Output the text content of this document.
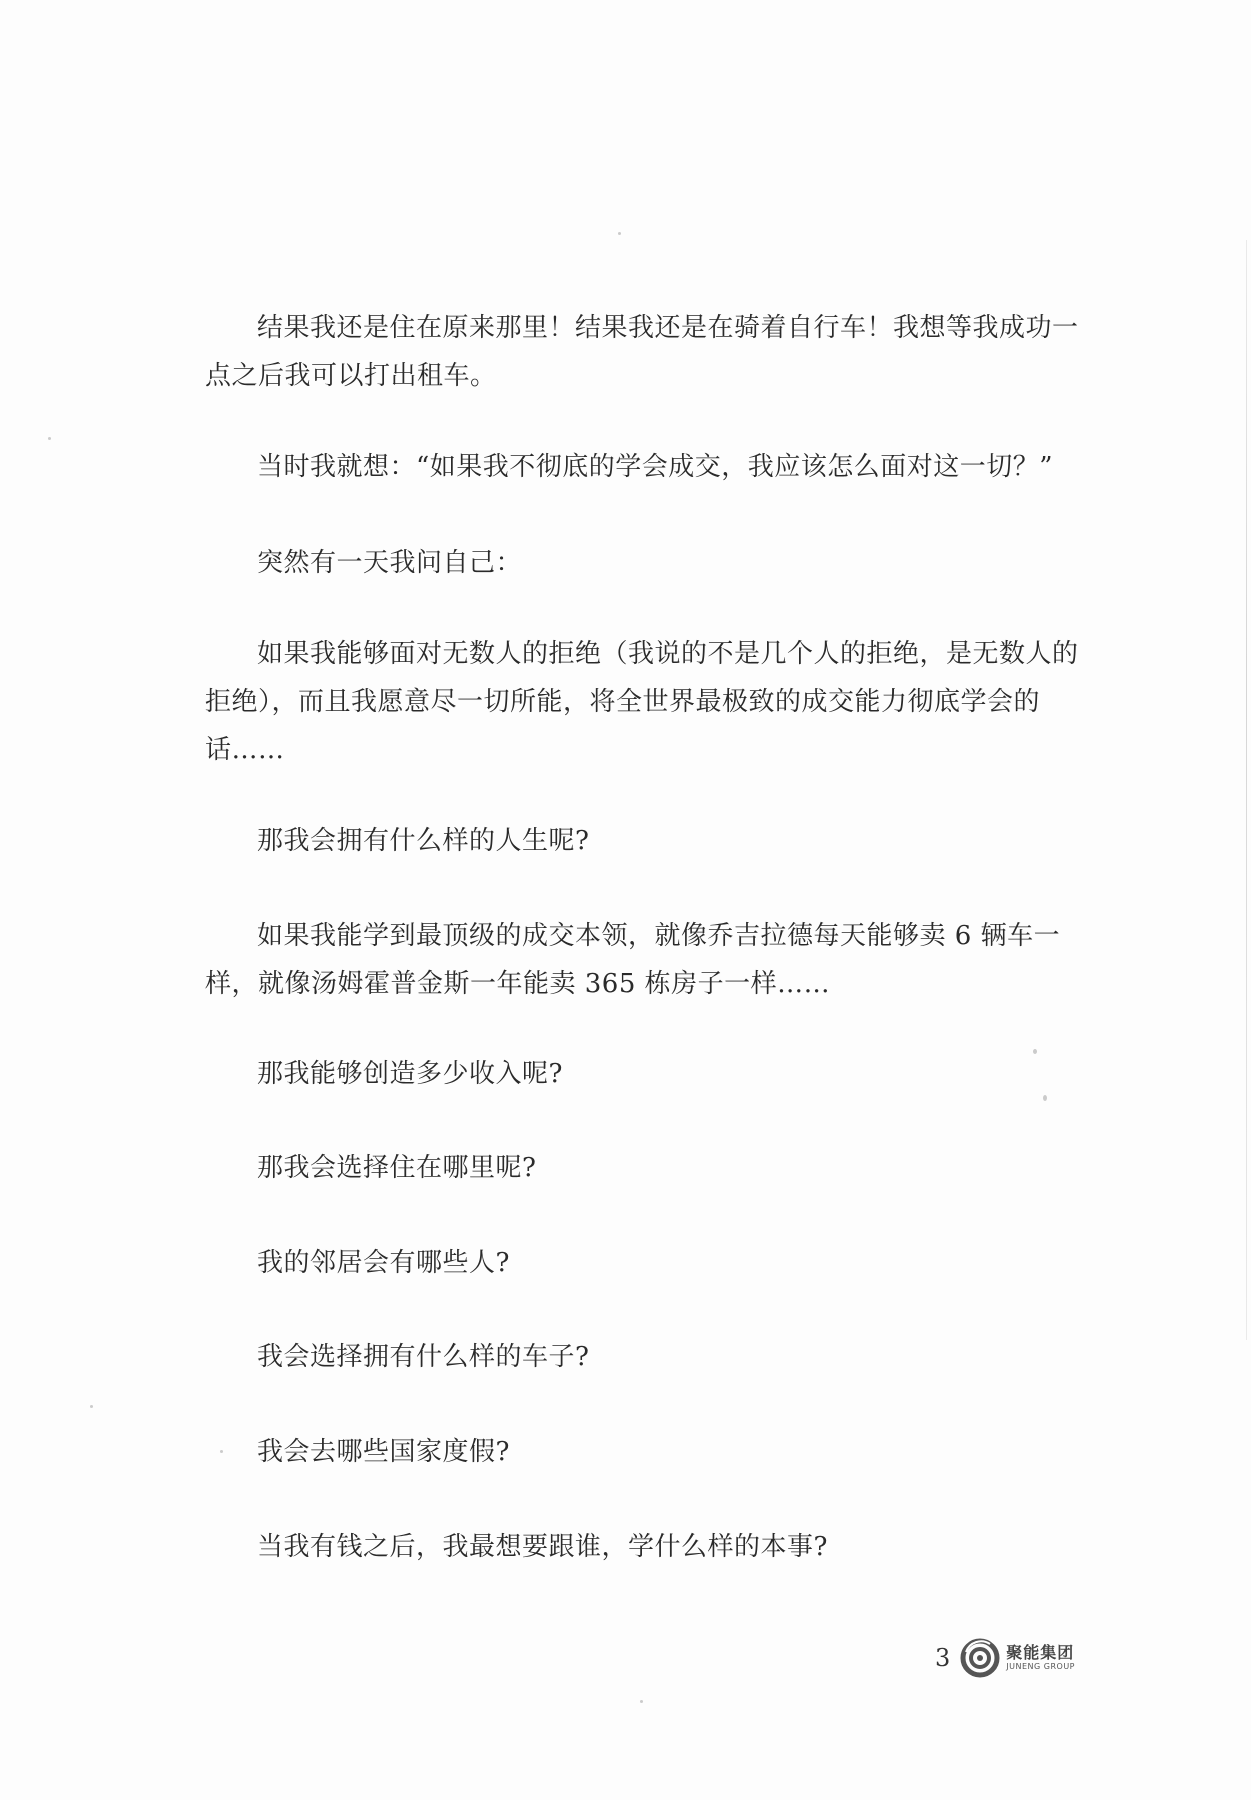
结果我还是住在原来那里！结果我还是在骑着自行车！我想等我成功一点之后我可以打出租车。

当时我就想：“如果我不彻底的学会成交，我应该怎么面对这一切？”

突然有一天我问自己：

如果我能够面对无数人的拒绝（我说的不是几个人的拒绝，是无数人的拒绝），而且我愿意尽一切所能，将全世界最极致的成交能力彻底学会的话……

那我会拥有什么样的人生呢?

如果我能学到最顶级的成交本领，就像乔吉拉德每天能够卖 6 辆车一样，就像汤姆霍普金斯一年能卖 365 栋房子一样……

那我能够创造多少收入呢?

那我会选择住在哪里呢?

我的邻居会有哪些人?

我会选择拥有什么样的车子?

我会去哪些国家度假?

当我有钱之后，我最想要跟谁，学什么样的本事?

3	聚能集团
JUNENG GROUP
